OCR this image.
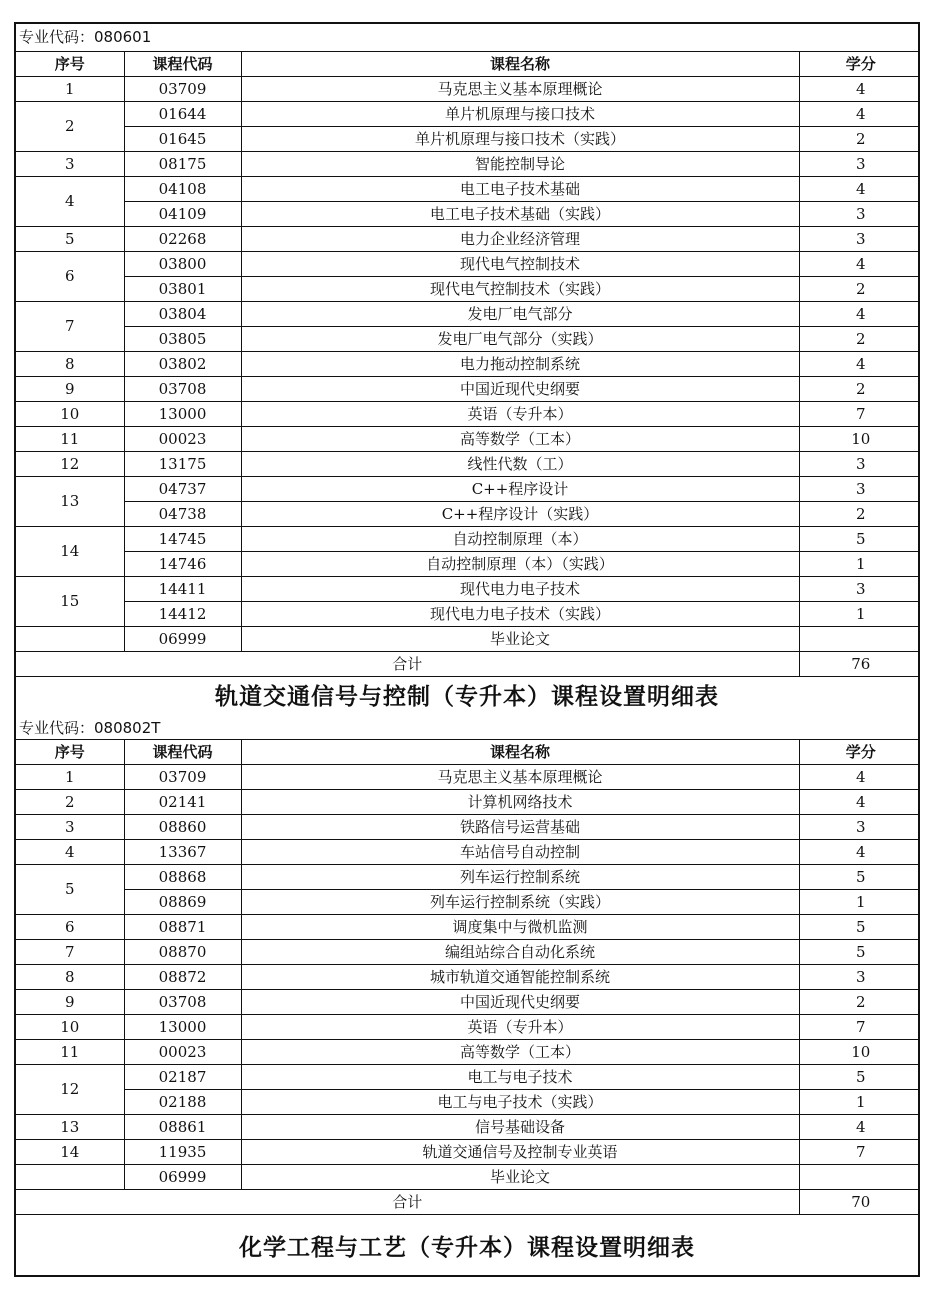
专业代码：080601
序号	课程代码	课程名称	学分
1	03709	马克思主义基本原理概论	4
2	01644	单片机原理与接口技术	4
	01645	单片机原理与接口技术（实践）	2
3	08175	智能控制导论	3
4	04108	电工电子技术基础	4
	04109	电工电子技术基础（实践）	3
5	02268	电力企业经济管理	3
6	03800	现代电气控制技术	4
	03801	现代电气控制技术（实践）	2
7	03804	发电厂电气部分	4
	03805	发电厂电气部分（实践）	2
8	03802	电力拖动控制系统	4
9	03708	中国近现代史纲要	2
10	13000	英语（专升本）	7
11	00023	高等数学（工本）	10
12	13175	线性代数（工）	3
13	04737	C++程序设计	3
	04738	C++程序设计（实践）	2
14	14745	自动控制原理（本）	5
	14746	自动控制原理（本）（实践）	1
15	14411	现代电力电子技术	3
	14412	现代电力电子技术（实践）	1
	06999	毕业论文	
合计			76
轨道交通信号与控制（专升本）课程设置明细表
专业代码：080802T
序号	课程代码	课程名称	学分
1	03709	马克思主义基本原理概论	4
2	02141	计算机网络技术	4
3	08860	铁路信号运营基础	3
4	13367	车站信号自动控制	4
5	08868	列车运行控制系统	5
	08869	列车运行控制系统（实践）	1
6	08871	调度集中与微机监测	5
7	08870	编组站综合自动化系统	5
8	08872	城市轨道交通智能控制系统	3
9	03708	中国近现代史纲要	2
10	13000	英语（专升本）	7
11	00023	高等数学（工本）	10
12	02187	电工与电子技术	5
	02188	电工与电子技术（实践）	1
13	08861	信号基础设备	4
14	11935	轨道交通信号及控制专业英语	7
	06999	毕业论文	
合计			70
化学工程与工艺（专升本）课程设置明细表
